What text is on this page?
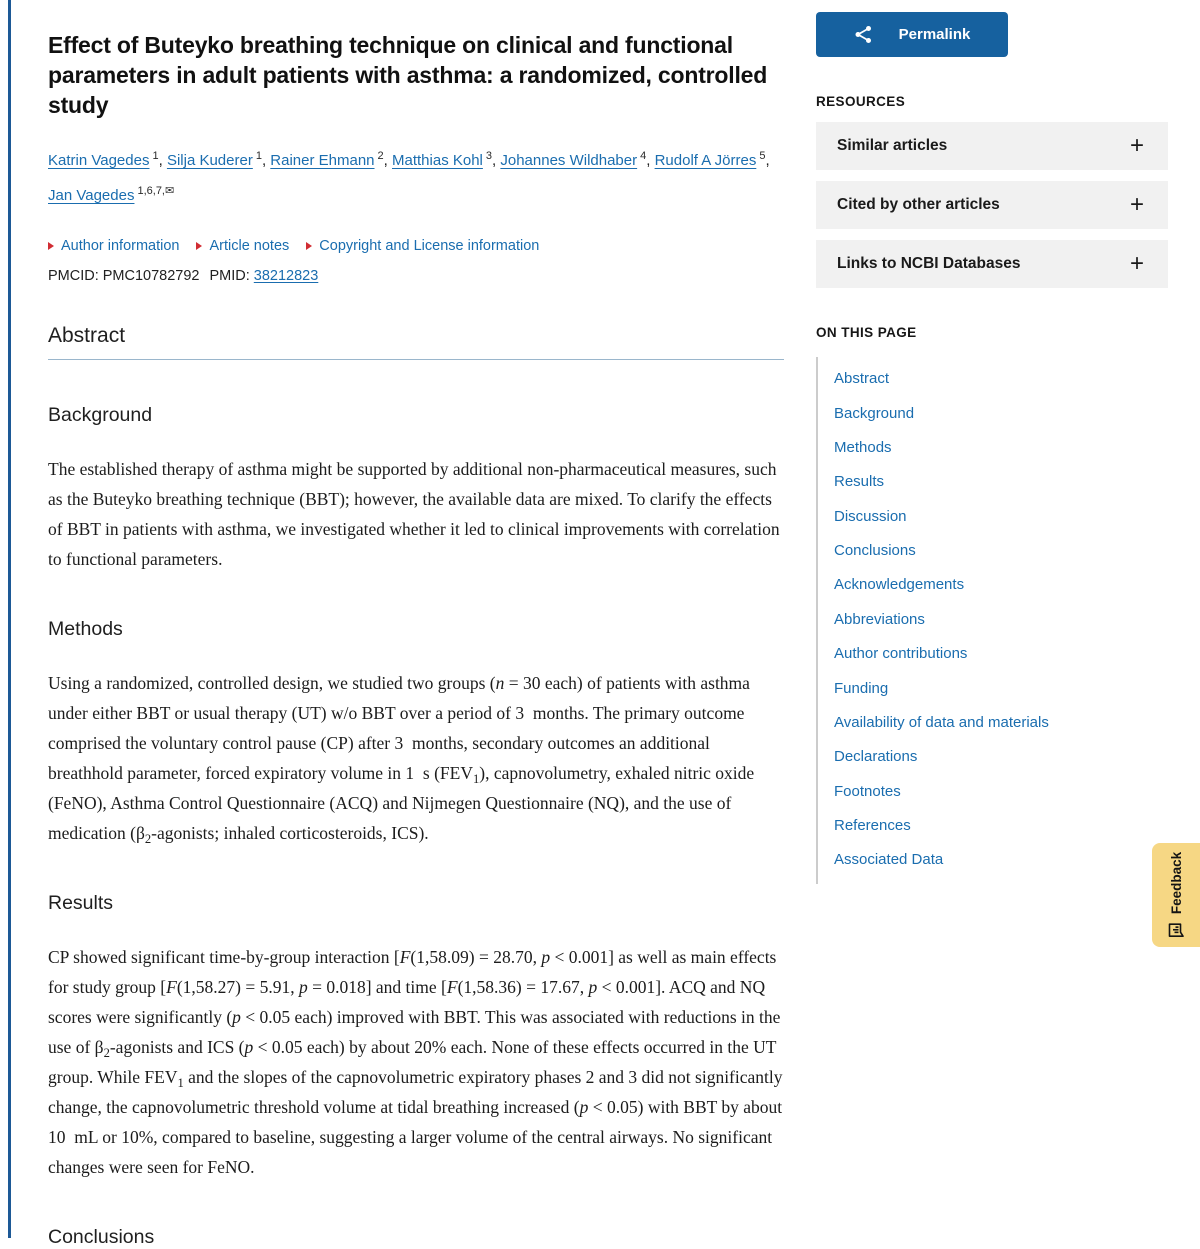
Effect of Buteyko breathing technique on clinical and functional parameters in adult patients with asthma: a randomized, controlled study
Katrin Vagedes $^1$, Silja Kuderer $^1$, Rainer Ehmann $^2$, Matthias Kohl $^3$, Johannes Wildhaber $^4$, Rudolf A Jörres $^5$, Jan Vagedes $^{1,6,7,✉}$
Author information Article notes Copyright and License information
PMCID: PMC10782792 PMID: 38212823
Abstract
Background

The established therapy of asthma might be supported by additional non-pharmaceutical measures, such as the Buteyko breathing technique (BBT); however, the available data are mixed. To clarify the effects of BBT in patients with asthma, we investigated whether it led to clinical improvements with correlation to functional parameters.

Methods

Using a randomized, controlled design, we studied two groups (n = 30 each) of patients with asthma under either BBT or usual therapy (UT) w/o BBT over a period of 3  months. The primary outcome comprised the voluntary control pause (CP) after 3  months, secondary outcomes an additional breathhold parameter, forced expiratory volume in 1  s $(FEV_1)$, capnovolumetry, exhaled nitric oxide (FeNO), Asthma Control Questionnaire (ACQ) and Nijmegen Questionnaire (NQ), and the use of medication ($\beta_2$-agonists; inhaled corticosteroids, ICS).

Results

CP showed significant time-by-group interaction [F(1,58.09) = 28.70, p < 0.001] as well as main effects for study group [F(1,58.27) = 5.91, p = 0.018] and time [F(1,58.36) = 17.67, p < 0.001]. ACQ and NQ scores were significantly (p < 0.05 each) improved with BBT. This was associated with reductions in the use of $\beta_2$-agonists and ICS (p < 0.05 each) by about 20% each. None of these effects occurred in the UT group. While $FEV_1$ and the slopes of the capnovolumetric expiratory phases 2 and 3 did not significantly change, the capnovolumetric threshold volume at tidal breathing increased (p < 0.05) with BBT by about 10  mL or 10%, compared to baseline, suggesting a larger volume of the central airways. No significant changes were seen for FeNO.

Conclusions
Permalink
RESOURCES
Similar articles	+
Cited by other articles	+
Links to NCBI Databases	+
ON THIS PAGE
Abstract
Background
Methods
Results
Discussion
Conclusions
Acknowledgements
Abbreviations
Author contributions
Funding
Availability of data and materials
Declarations
Footnotes
References
Associated Data	Feedback
